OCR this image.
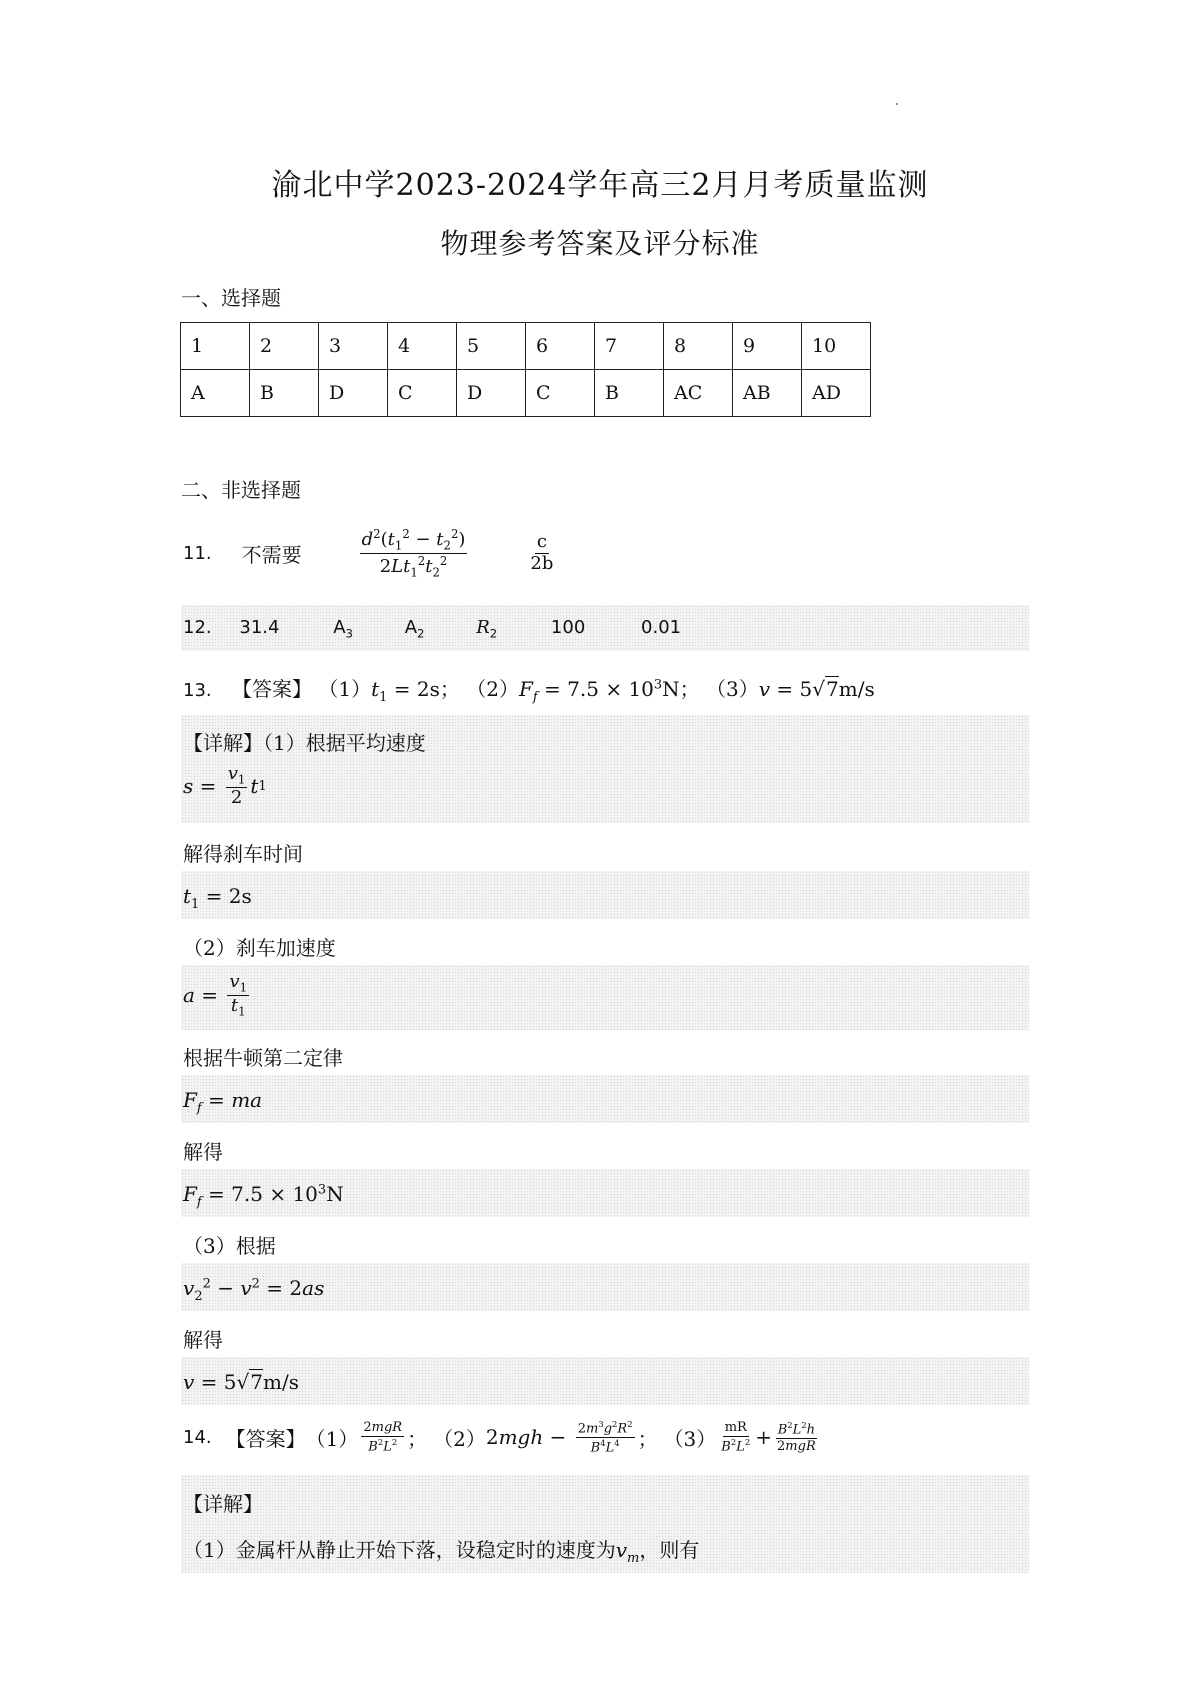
渝北中学2023-2024学年高三2月月考质量监测
物理参考答案及评分标准
一、选择题
1	2	3	4	5	6	7	8	9	10
A	B	D	C	D	C	B	AC	AB	AD
二、非选择题
11. 不需要	$\frac{d^2(t_1^2 - t_2^2)}{2Lt_1^2t_2^2}$	$\frac{c}{2b}$
12. 31.4	$A_3$	$A_2$	$R_2$	100	0.01
13. 【答案】 $(1)t_1 = 2s$； $(2)F_f = 7.5 \times 10^3N$； （3）v = 5√7m/s
【详解】（1）根据平均速度
$s = \frac{v_1}{2}$ t 1
解得刹车时间
$t_1 = 2s$
（2）刹车加速度
$a = \frac{v_1}{t_1}$
根据牛顿第二定律
$F_f$ = ma
解得
$F_f = 7.5 \times 10^3N$
（3）根据
$v_2^2 - v^2 = 2as$
解得
v = 5√7m/s
14. 【答案】 $(1) \frac{\text{2mgR}}{B^2L^2}$ ； （2） 2 mgh − $\frac{2m^3g^2R^2}{B^4L^4}$ ； $(3) \frac{mR}{B^2L^2} + \frac{B^2L^2h}{\text{2mgR}}$
【详解】
（1）金属杆从静止开始下落，设稳定时的速度为$v_m$，则有
